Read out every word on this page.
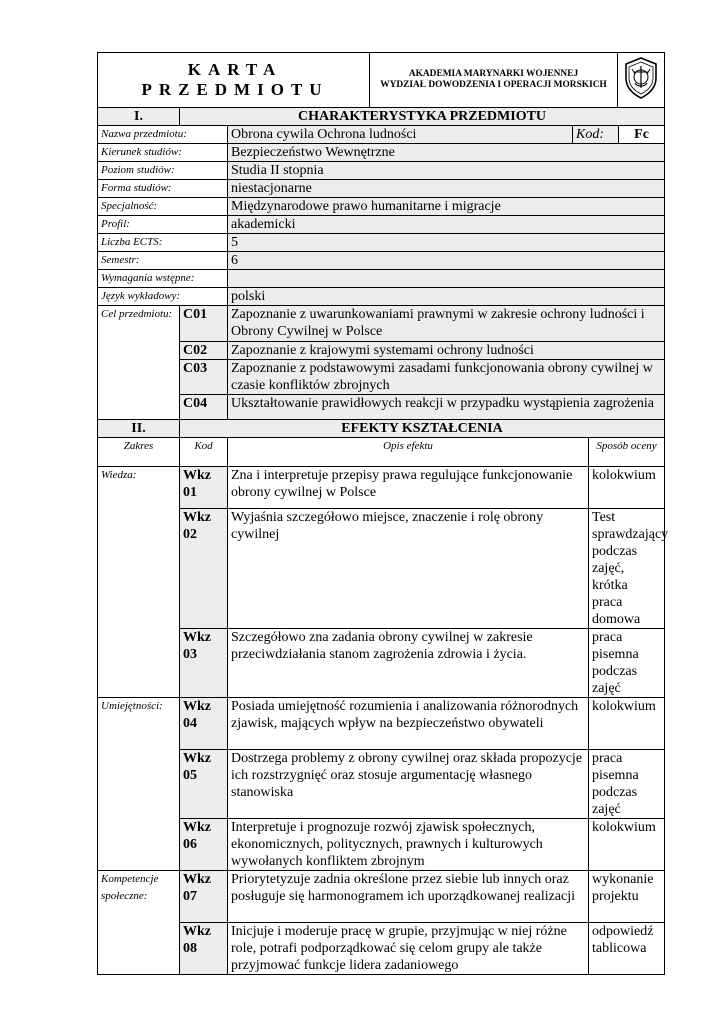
KARTA PRZEDMIOTU	
AKADEMIA MARYNARKI WOJENNEJ
WYDZIAŁ DOWODZENIA I OPERACJI MORSKICH

I.	CHARAKTERYSTYKA PRZEDMIOTU			
Nazwa przedmiotu:		Obrona cywila Ochrona ludności	Kod:	Fc
Kierunek studiów:		Bezpieczeństwo Wewnętrzne		
Poziom studiów:		Studia II stopnia		
Forma studiów:		niestacjonarne		
Specjalność:		Międzynarodowe prawo humanitarne i migracje		
Profil:		akademicki		
Liczba ECTS:		5		
Semestr:		6		
Wymagania wstępne:				
Język wykładowy:		polski		
Cel przedmiotu:	C01	Zapoznanie z uwarunkowaniami prawnymi w zakresie ochrony ludności i Obrony Cywilnej w Polsce		
	C02	Zapoznanie z krajowymi systemami ochrony ludności		
	C03	Zapoznanie z podstawowymi zasadami funkcjonowania obrony cywilnej w czasie konfliktów zbrojnych		
	C04	Ukształtowanie prawidłowych reakcji w przypadku wystąpienia zagrożenia		
II.	EFEKTY KSZTAŁCENIA		
Zakres	Kod	Opis efektu	Sposób oceny
Wiedza:	Wkz 01	Zna i interpretuje przepisy prawa regulujące funkcjonowanie obrony cywilnej w Polsce	kolokwium
	Wkz 02	Wyjaśnia szczegółowo miejsce, znaczenie i rolę obrony cywilnej	Test sprawdzający podczas zajęć, krótka praca domowa
	Wkz 03	Szczegółowo zna zadania obrony cywilnej w zakresie przeciwdziałania stanom zagrożenia zdrowia i życia.	praca pisemna podczas zajęć
Umiejętności:	Wkz 04	Posiada umiejętność rozumienia i analizowania różnorodnych zjawisk, mających wpływ na bezpieczeństwo obywateli	kolokwium
	Wkz 05	Dostrzega problemy z obrony cywilnej oraz składa propozycje ich rozstrzygnięć oraz stosuje argumentację własnego stanowiska	praca pisemna podczas zajęć
	Wkz 06	Interpretuje i prognozuje rozwój zjawisk społecznych, ekonomicznych, politycznych, prawnych i kulturowych wywołanych konfliktem zbrojnym	kolokwium
Kompetencje społeczne:	Wkz 07	Priorytetyzuje zadnia określone przez siebie lub innych oraz posługuje się harmonogramem ich uporządkowanej realizacji	wykonanie projektu
	Wkz 08	Inicjuje i moderuje pracę w grupie, przyjmując w niej różne role, potrafi podporządkować się celom grupy ale także przyjmować funkcje lidera zadaniowego	odpowiedź tablicowa
